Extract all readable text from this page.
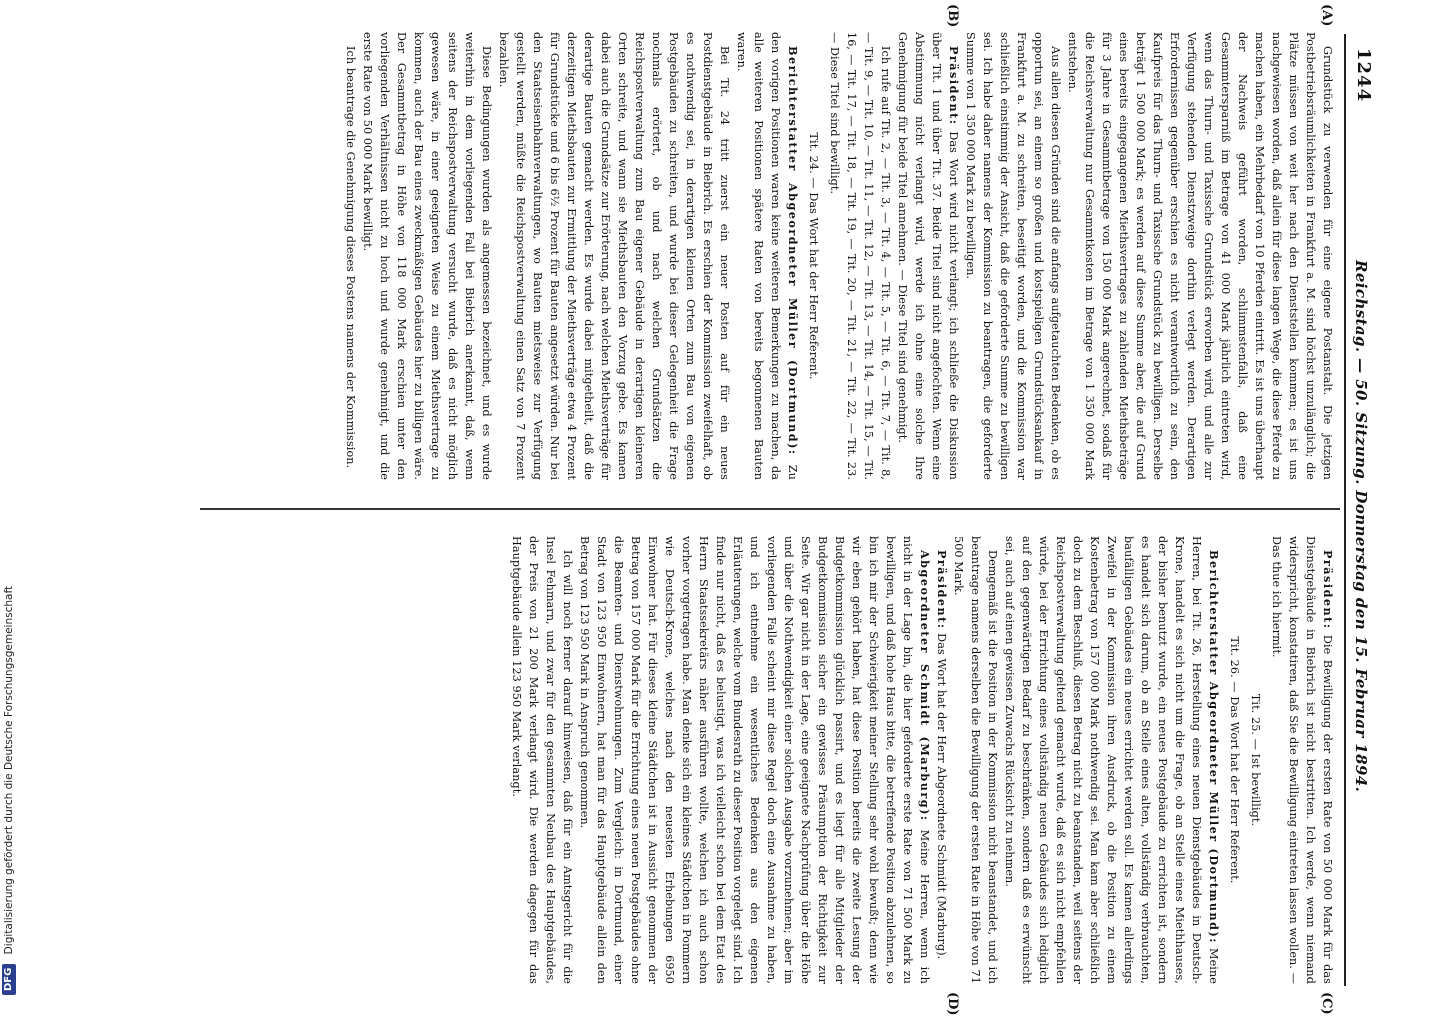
1244
Reichstag. — 50. Sitzung. Donnerstag den 15. Februar 1894.
(A)
(B)
(C)
(D)

Grundstück zu verwenden für eine eigene Postanstalt. Die jetzigen Postbetriebsräumlichkeiten in Frankfurt a. M. sind höchst unzulänglich; die Plätze müssen von weit her nach den Dienststellen kommen; es ist uns nachgewiesen worden, daß allein für diese langen Wege, die diese Pferde zu machen haben, ein Mehrbedarf von 10 Pferden eintritt. Es ist uns überhaupt der Nachweis geführt worden, schlimmstenfalls, daß eine Gesammtersparniß im Betrage von 41 000 Mark jährlich eintreten wird, wenn das Thurn- und Taxissche Grundstück erworben wird, und alle zur Verfügung stehenden Dienstzweige dorthin verlegt werden. Derartigen Erfordernissen gegenüber erschien es nicht verantwortlich zu sein, den Kaufpreis für das Thurn- und Taxissche Grundstück zu bewilligen. Derselbe beträgt 1 500 000 Mark; es werden auf diese Summe aber, die auf Grund eines bereits eingegangenen Miethsvertrages zu zahlenden Miethsbeträge für 3 Jahre in Gesammtbetrage von 150 000 Mark angerechnet, sodaß für die Reichsverwaltung nur Gesammtkosten im Betrage von 1 350 000 Mark entstehen.

Aus allen diesen Gründen sind die anfangs aufgetauchten Bedenken, ob es opportun sei, an einem so großen und kostspieligen Grundstücksankauf in Frankfurt a. M. zu schreiten, beseitigt worden, und die Kommission war schließlich einstimmig der Ansicht, daß die geforderte Summe zu bewilligen sei. Ich habe daher namens der Kommission zu beantragen, die geforderte Summe von 1 350 000 Mark zu bewilligen.

Präsident: Das Wort wird nicht verlangt; ich schließe die Diskussion über Tit. 1 und über Tit. 37. Beide Titel sind nicht angefochten. Wenn eine Abstimmung nicht verlangt wird, werde ich ohne eine solche Ihre Genehmigung für beide Titel annehmen. — Diese Titel sind genehmigt.

Ich rufe auf Tit. 2, — Tit. 3, — Tit. 4, — Tit. 5, — Tit. 6, — Tit. 7, — Tit. 8, — Tit. 9, — Tit. 10, — Tit. 11, — Tit. 12, — Tit. 13, — Tit. 14, — Tit. 15, — Tit. 16, — Tit. 17, — Tit. 18, — Tit. 19, — Tit. 20, — Tit. 21, — Tit. 22, — Tit. 23. — Diese Titel sind bewilligt.

Tit. 24. — Das Wort hat der Herr Referent.

Berichterstatter Abgeordneter Müller (Dortmund): Zu den vorigen Positionen waren keine weiteren Bemerkungen zu machen, da alle weiteren Positionen spätere Raten von bereits begonnenen Bauten waren.

Bei Tit. 24 tritt zuerst ein neuer Posten auf für ein neues Postdienstgebäude in Biebrich. Es erschien der Kommission zweifelhaft, ob es nothwendig sei, in derartigen kleinen Orten zum Bau von eigenen Postgebäuden zu schreiten, und wurde bei dieser Gelegenheit die Frage nochmals erörtert, ob und nach welchen Grundsätzen die Reichspostverwaltung zum Bau eigener Gebäude in derartigen kleineren Orten schreite, und wann sie Miethsbauten den Vorzug gebe. Es kamen dabei auch die Grundsätze zur Erörterung, nach welchen Miethsverträge für derartige Bauten gemacht werden. Es wurde dabei mitgetheilt, daß die derzeitigen Miethsbauten zur Ermittlung der Miethsverträge etwa 4 Prozent für Grundstücke und 6 bis 6½ Prozent für Bauten angesetzt würden. Nur bei den Staatseisenbahnverwaltungen, wo Bauten mietsweise zur Verfügung gestellt werden, müßte die Reichspostverwaltung einen Satz von 7 Prozent bezahlen.

Diese Bedingungen wurden als angemessen bezeichnet, und es wurde weiterhin in dem vorliegenden Fall bei Biebrich anerkannt, daß, wenn seitens der Reichspostverwaltung versucht wurde, daß es nicht möglich gewesen wäre, in einer geeigneten Weise zu einem Miethsvertrage zu kommen, auch der Bau eines zweckmäßigen Gebäudes hier zu billigen wäre. Der Gesammtbetrag in Höhe von 118 000 Mark erschien unter den vorliegenden Verhältnissen nicht zu hoch und wurde genehmigt, und die erste Rate von 50 000 Mark bewilligt.

Ich beantrage die Genehmigung dieses Postens namens der Kommission.

Präsident: Die Bewilligung der ersten Rate von 50 000 Mark für das Dienstgebäude in Biebrich ist nicht bestritten. Ich werde, wenn niemand widerspricht, konstatiren, daß Sie die Bewilligung eintreten lassen wollen. — Das thue ich hiermit.

Tit. 25. — Ist bewilligt.

Tit. 26. — Das Wort hat der Herr Referent.

Berichterstatter Abgeordneter Müller (Dortmund): Meine Herren, bei Tit. 26, Herstellung eines neuen Dienstgebäudes in Deutsch-Krone, handelt es sich nicht um die Frage, ob an Stelle eines Miethhauses, der bisher benutzt wurde, ein neues Postgebäude zu errichten ist, sondern es handelt sich darum, ob an Stelle eines alten, vollständig verbrauchten, baufälligen Gebäudes ein neues errichtet werden soll. Es kamen allerdings Zweifel in der Kommission ihren Ausdruck, ob die Position zu einem Kostenbetrag von 157 000 Mark nothwendig sei. Man kam aber schließlich doch zu dem Beschluß, diesen Betrag nicht zu beanstanden, weil seitens der Reichspostverwaltung geltend gemacht wurde, daß es sich nicht empfehlen würde, bei der Errichtung eines vollständig neuen Gebäudes sich lediglich auf den gegenwärtigen Bedarf zu beschränken, sondern daß es erwünscht sei, auch auf einen gewissen Zuwachs Rücksicht zu nehmen.

Demgemäß ist die Position in der Kommission nicht beanstandet, und ich beantrage namens derselben die Bewilligung der ersten Rate in Höhe von 71 500 Mark.

Präsident: Das Wort hat der Herr Abgeordnete Schmidt (Marburg).

Abgeordneter Schmidt (Marburg): Meine Herren, wenn ich nicht in der Lage bin, die hier geforderte erste Rate von 71 500 Mark zu bewilligen, und daß hohe Haus bitte, die betreffende Position abzulehnen, so bin ich mir der Schwierigkeit meiner Stellung sehr wohl bewußt; denn wie wir eben gehört haben, hat diese Position bereits die zweite Lesung der Budgetkommission glücklich passirt, und es liegt für alle Mitglieder der Budgetkommission sicher ein gewisses Präsumption der Richtigkeit zur Seite. Wir gar nicht in der Lage, eine geeignete Nachprüfung über die Höhe und über die Nothwendigkeit einer solchen Ausgabe vorzunehmen; aber im vorliegenden Falle scheint mir diese Regel doch eine Ausnahme zu haben, und ich entnehme ein wesentliches Bedenken aus den eigenen Erläuterungen, welche vom Bundesrath zu dieser Position vorgelegt sind. Ich finde nur nicht, daß es belustigt, was ich vielleicht schon bei dem Etat des Herrn Staatssekretärs näher ausführen wollte, welchen ich auch schon vorher vorgetragen habe. Man denke sich ein kleines Städtchen in Pommern wie Deutsch-Krone, welches nach den neuesten Erhebungen 6950 Einwohner hat. Für dieses kleine Städtchen ist in Aussicht genommen der Betrag von 157 000 Mark für die Errichtung eines neuen Postgebäudes ohne die Beamten- und Dienstwohnungen. Zum Vergleich: in Dortmund, einer Stadt von 123 950 Einwohnern, hat man für das Hauptgebäude allein den Betrag von 123 950 Mark in Anspruch genommen.

Ich will noch ferner darauf hinweisen, daß für ein Amtsgericht für die Insel Fehmarn, und zwar für den gesammten Neubau des Hauptgebäudes, der Preis von 21 200 Mark verlangt wird. Die werden dagegen für das Hauptgebäude allein 123 950 Mark verlangt.

DFG Digitalisierung gefördert durch die Deutsche Forschungsgemeinschaft
